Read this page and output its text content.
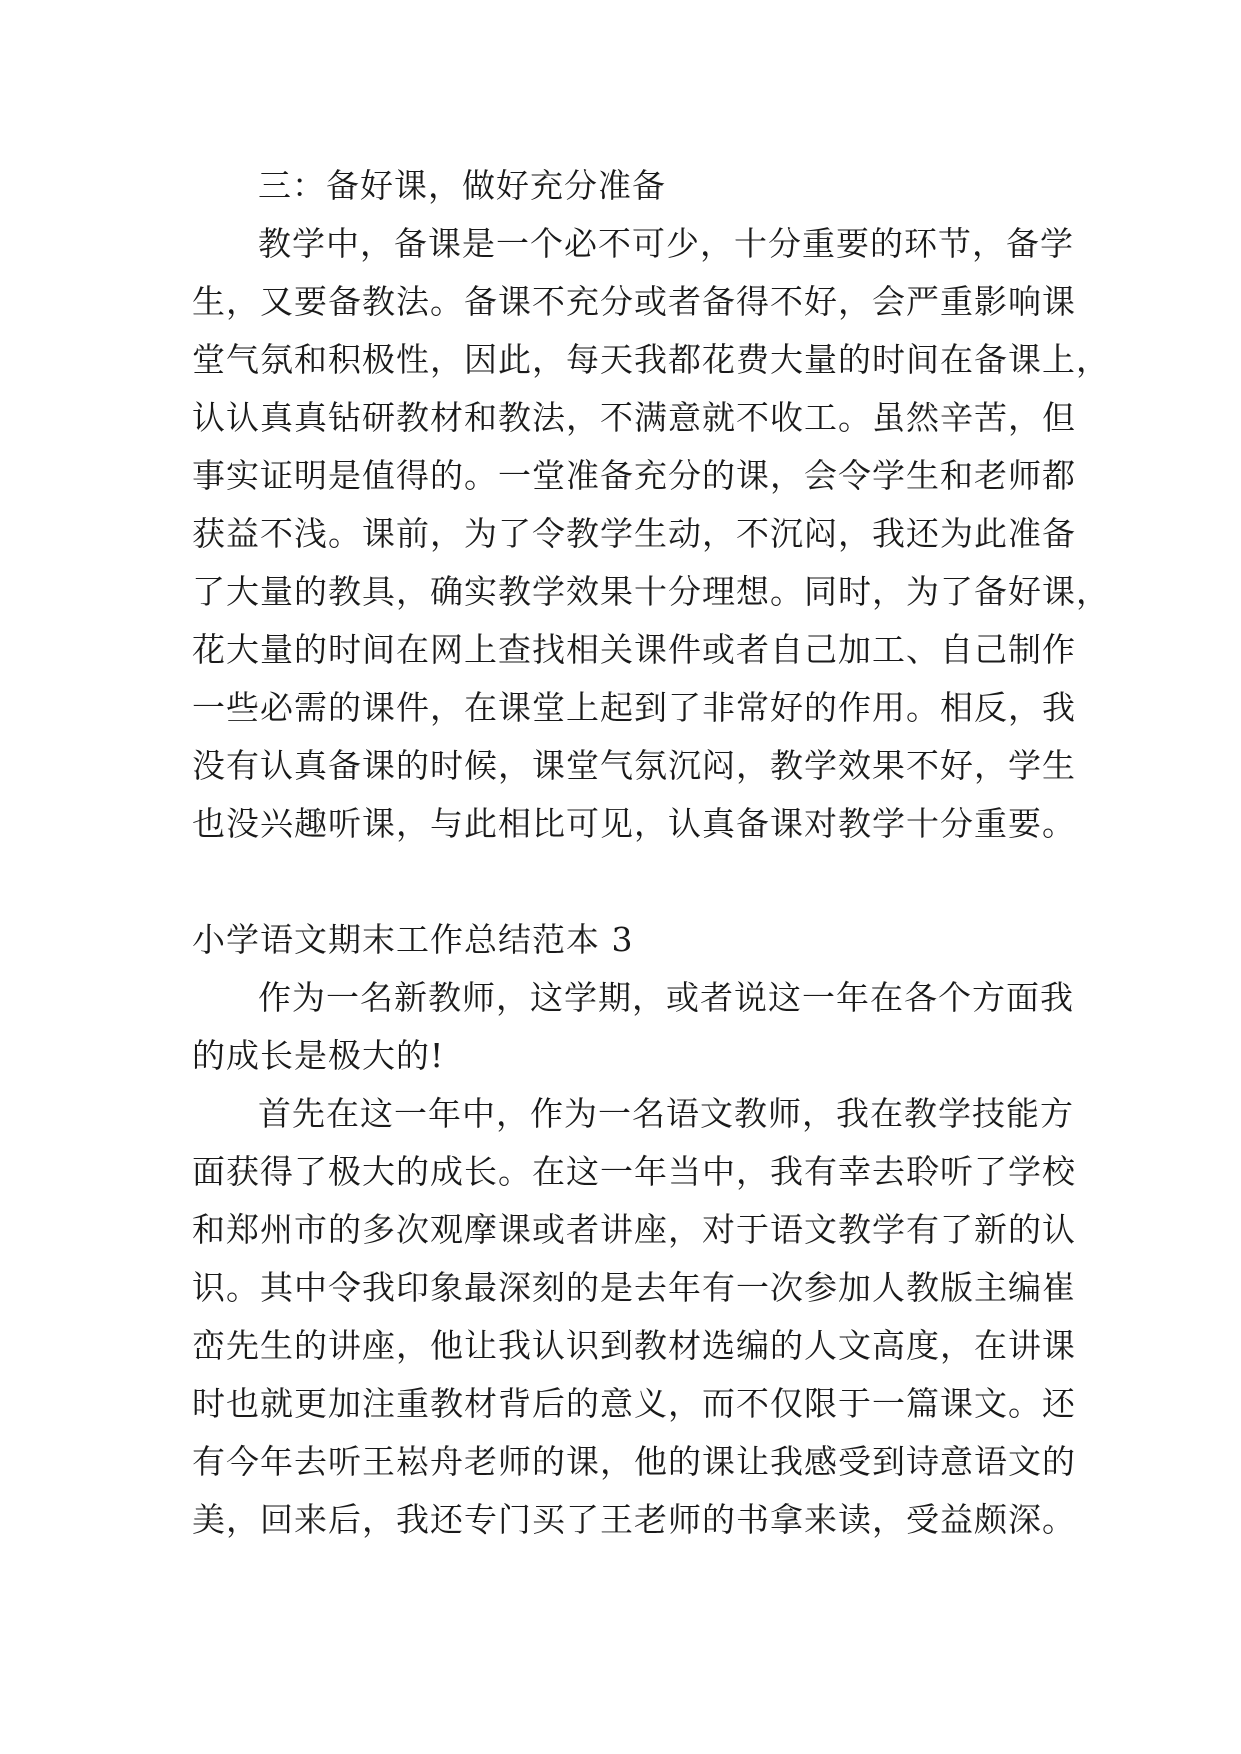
三：备好课，做好充分准备
教学中，备课是一个必不可少，十分重要的环节，备学
生，又要备教法。备课不充分或者备得不好，会严重影响课
堂气氛和积极性，因此，每天我都花费大量的时间在备课上，
认认真真钻研教材和教法，不满意就不收工。虽然辛苦，但
事实证明是值得的。一堂准备充分的课，会令学生和老师都
获益不浅。课前，为了令教学生动，不沉闷，我还为此准备
了大量的教具，确实教学效果十分理想。同时，为了备好课，
花大量的时间在网上查找相关课件或者自己加工、自己制作
一些必需的课件，在课堂上起到了非常好的作用。相反，我
没有认真备课的时候，课堂气氛沉闷，教学效果不好，学生
也没兴趣听课，与此相比可见，认真备课对教学十分重要。
小学语文期末工作总结范本 3
作为一名新教师，这学期，或者说这一年在各个方面我
的成长是极大的!
首先在这一年中，作为一名语文教师，我在教学技能方
面获得了极大的成长。在这一年当中，我有幸去聆听了学校
和郑州市的多次观摩课或者讲座，对于语文教学有了新的认
识。其中令我印象最深刻的是去年有一次参加人教版主编崔
峦先生的讲座，他让我认识到教材选编的人文高度，在讲课
时也就更加注重教材背后的意义，而不仅限于一篇课文。还
有今年去听王崧舟老师的课，他的课让我感受到诗意语文的
美，回来后，我还专门买了王老师的书拿来读，受益颇深。
